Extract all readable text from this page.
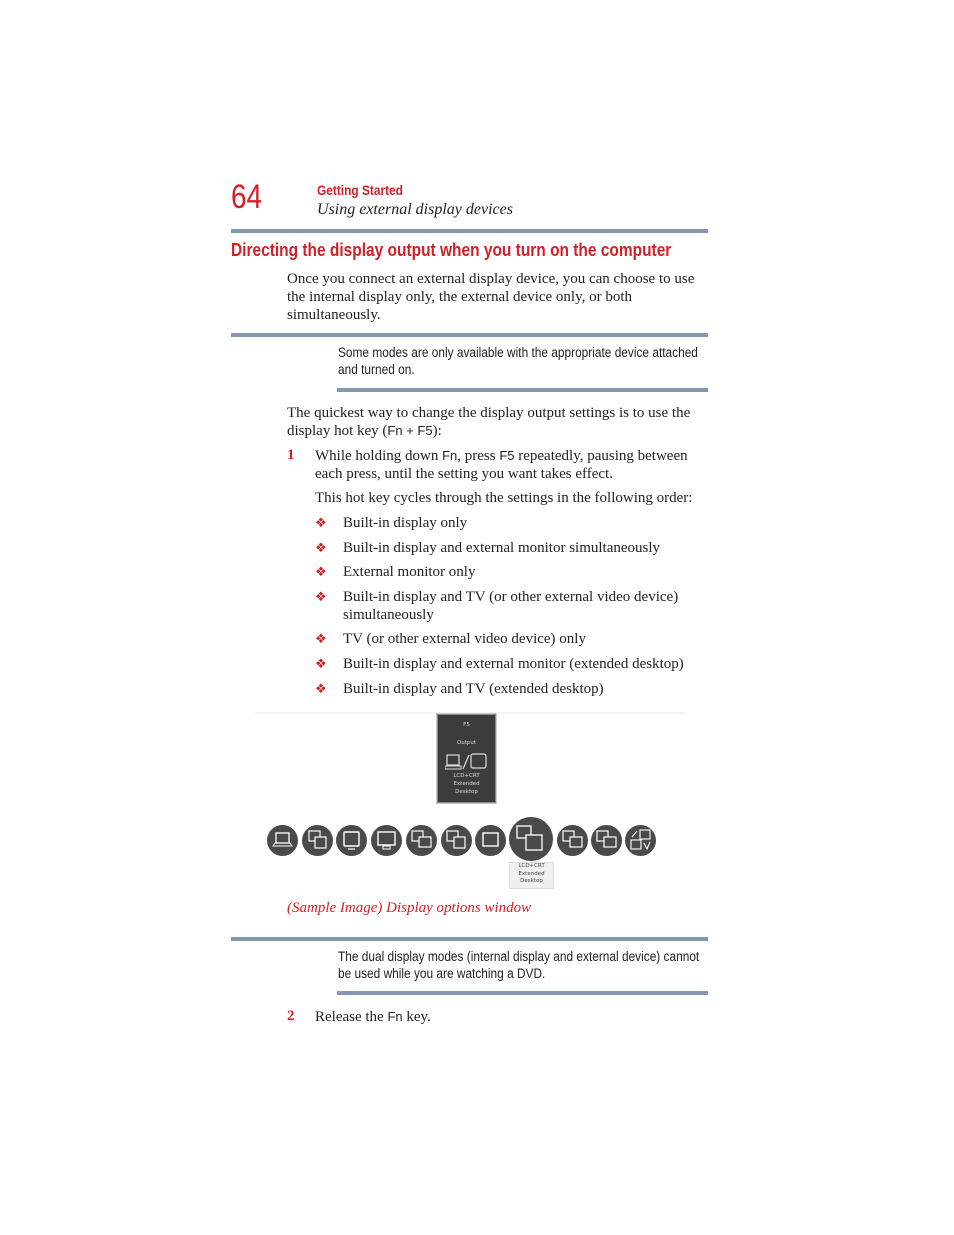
64	Getting Started
Using external display devices
Directing the display output when you turn on the computer
Once you connect an external display device, you can choose to use the internal display only, the external device only, or both simultaneously.
Some modes are only available with the appropriate device attached and turned on.
The quickest way to change the display output settings is to use the display hot key (Fn + F5):
1 While holding down Fn, press F5 repeatedly, pausing between each press, until the setting you want takes effect.
This hot key cycles through the settings in the following order:
❖ Built-in display only
❖ Built-in display and external monitor simultaneously
❖ External monitor only
❖ Built-in display and TV (or other external video device) simultaneously
❖ TV (or other external video device) only
❖ Built-in display and external monitor (extended desktop)
❖ Built-in display and TV (extended desktop)
F5
Output
LCD+CRT
Extended
Desktop
LCD+CRT
Extended
Desktop
(Sample Image) Display options window
The dual display modes (internal display and external device) cannot be used while you are watching a DVD.
2 Release the Fn key.
